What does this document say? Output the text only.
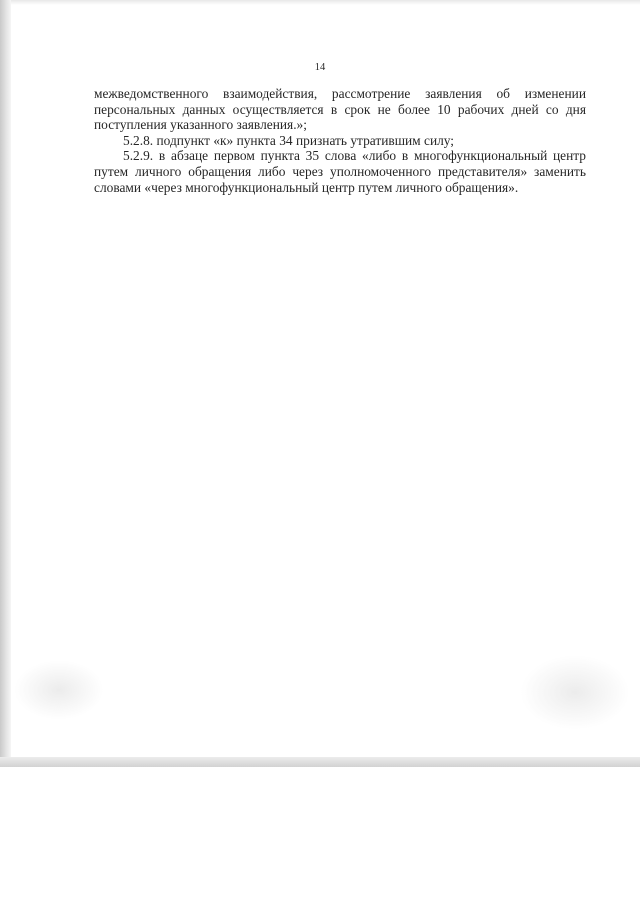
14

межведомственного взаимодействия, рассмотрение заявления об изменении персональных данных осуществляется в срок не более 10 рабочих дней со дня поступления указанного заявления.»;

5.2.8. подпункт «к» пункта 34 признать утратившим силу;

5.2.9. в абзаце первом пункта 35 слова «либо в многофункциональный центр путем личного обращения либо через уполномоченного представителя» заменить словами «через многофункциональный центр путем личного обращения».
